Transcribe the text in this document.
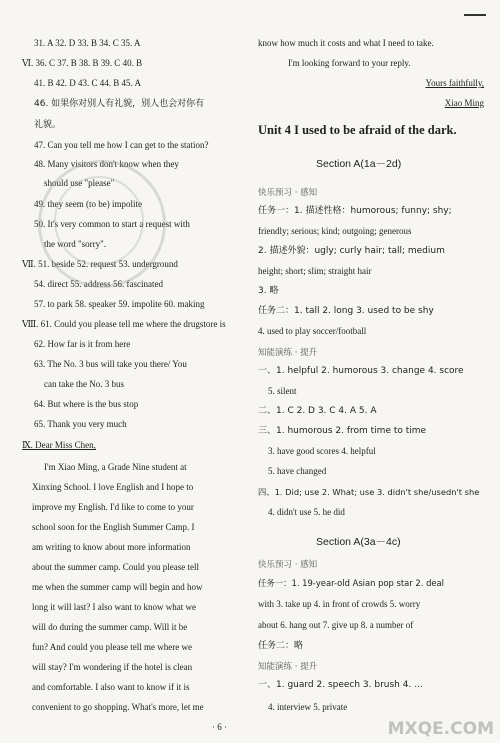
31. A 32. D 33. B 34. C 35. A
Ⅵ. 36. C 37. B 38. B 39. C 40. B
41. B 42. D 43. C 44. B 45. A
46. 如果你对别人有礼貌，别人也会对你有
礼貌。
47. Can you tell me how I can get to the station?
48. Many visitors don't know when they
should use "please"
49. they seem (to be) impolite
50. It's very common to start a request with
the word "sorry".
Ⅶ. 51. beside 52. request 53. underground
54. direct 55. address 56. fascinated
57. to park 58. speaker 59. impolite 60. making
Ⅷ. 61. Could you please tell me where the drugstore is
62. How far is it from here
63. The No. 3 bus will take you there/ You
can take the No. 3 bus
64. But where is the bus stop
65. Thank you very much
Ⅸ. Dear Miss Chen,
I'm Xiao Ming, a Grade Nine student at
Xinxing School. I love English and I hope to
improve my English. I'd like to come to your
school soon for the English Summer Camp. I
am writing to know about more information
about the summer camp. Could you please tell
me when the summer camp will begin and how
long it will last? I also want to know what we
will do during the summer camp. Will it be
fun? And could you please tell me where we
will stay? I'm wondering if the hotel is clean
and comfortable. I also want to know if it is
convenient to go shopping. What's more, let me
know how much it costs and what I need to take.
I'm looking forward to your reply.
Yours faithfully,
Xiao Ming
Unit 4 I used to be afraid of the dark.
Section A(1a－2d)
快乐预习 · 感知
任务一：1. 描述性格：humorous; funny; shy;
friendly; serious; kind; outgoing; generous
2. 描述外貌：ugly; curly hair; tall; medium
height; short; slim; straight hair
3. 略
任务二：1. tall 2. long 3. used to be shy
4. used to play soccer/football
知能演练 · 提升
一、1. helpful 2. humorous 3. change 4. score
5. silent
二、1. C 2. D 3. C 4. A 5. A
三、1. humorous 2. from time to time
3. have good scores 4. helpful
5. have changed
四、1. Did; use 2. What; use 3. didn't she/usedn't she
4. didn't use 5. he did
Section A(3a－4c)
快乐预习 · 感知
任务一：1. 19-year-old Asian pop star 2. deal
with 3. take up 4. in front of crowds 5. worry
about 6. hang out 7. give up 8. a number of
任务二：略
知能演练 · 提升
一、1. guard 2. speech 3. brush 4. ...
4. interview 5. private
· 6 ·	MXQE.COM
